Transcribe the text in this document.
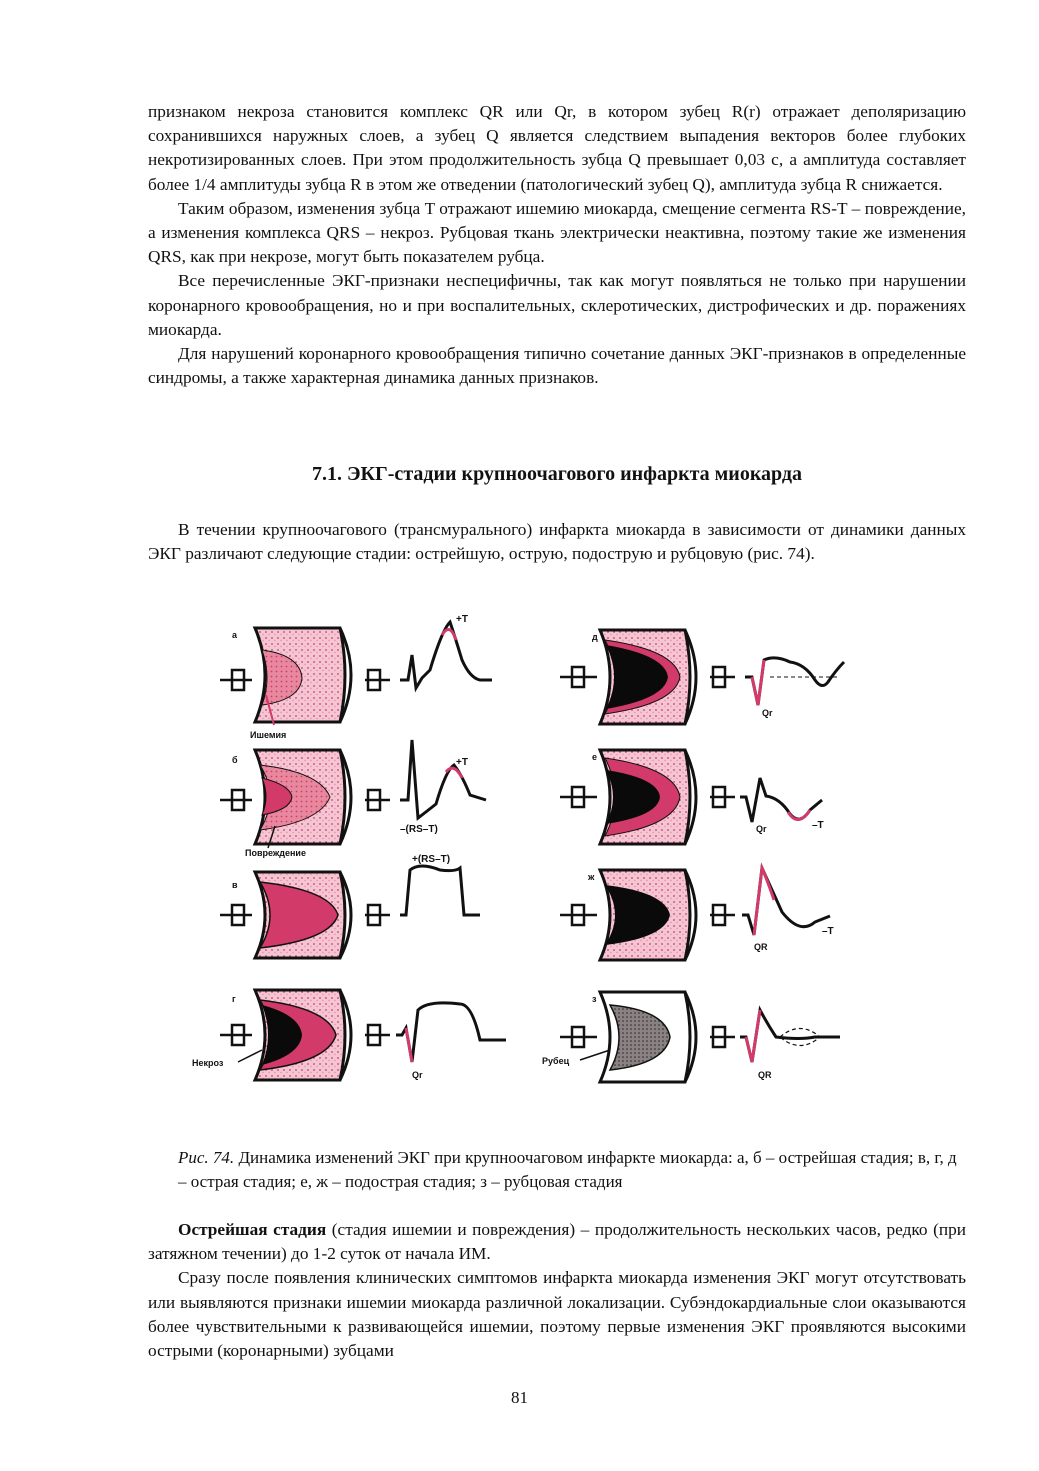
признаком некроза становится комплекс QR или Qr, в котором зубец R(r) отражает деполяризацию сохранившихся наружных слоев, а зубец Q является следствием выпадения векторов более глубоких некротизированных слоев. При этом продолжительность зубца Q превышает 0,03 с, а амплитуда составляет более 1/4 амплитуды зубца R в этом же отведении (патологический зубец Q), амплитуда зубца R снижается.

Таким образом, изменения зубца T отражают ишемию миокарда, смещение сегмента RS-T – повреждение, а изменения комплекса QRS – некроз. Рубцовая ткань электрически неактивна, поэтому такие же изменения QRS, как при некрозе, могут быть показателем рубца.

Все перечисленные ЭКГ-признаки неспецифичны, так как могут появляться не только при нарушении коронарного кровообращения, но и при воспалительных, склеротических, дистрофических и др. поражениях миокарда.

Для нарушений коронарного кровообращения типично сочетание данных ЭКГ-признаков в определенные синдромы, а также характерная динамика данных признаков.

7.1. ЭКГ-стадии крупноочагового инфаркта миокарда

В течении крупноочагового (трансмурального) инфаркта миокарда в зависимости от динамики данных ЭКГ различают следующие стадии: острейшую, острую, подострую и рубцовую (рис. 74).

а
Ишемия
+T
б
Повреждение
+T
–(RS–T)
в
+(RS–T)
г
Некроз
Qr
д
Qr
е
Qr	–T
ж
QR
–T
з
Рубец
QR
Рис. 74. Динамика изменений ЭКГ при крупноочаговом инфаркте миокарда: а, б – острейшая стадия; в, г, д – острая стадия; е, ж – подострая стадия; з – рубцовая стадия

Острейшая стадия (стадия ишемии и повреждения) – продолжительность нескольких часов, редко (при затяжном течении) до 1-2 суток от начала ИМ.

Сразу после появления клинических симптомов инфаркта миокарда изменения ЭКГ могут отсутствовать или выявляются признаки ишемии миокарда различной локализации. Субэндокардиальные слои оказываются более чувствительными к развивающейся ишемии, поэтому первые изменения ЭКГ проявляются высокими острыми (коронарными) зубцами

81
